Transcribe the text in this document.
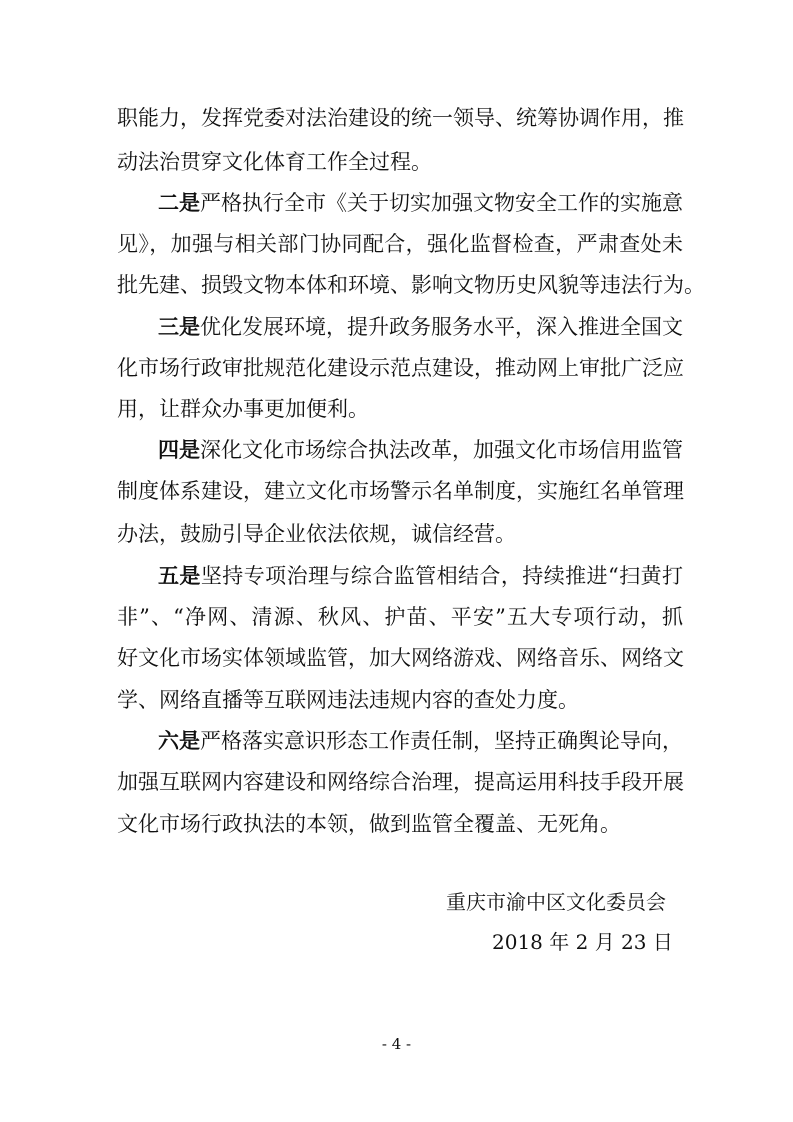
职能力，发挥党委对法治建设的统一领导、统筹协调作用，推
动法治贯穿文化体育工作全过程。
二是严格执行全市《关于切实加强文物安全工作的实施意
见》，加强与相关部门协同配合，强化监督检查，严肃查处未
批先建、损毁文物本体和环境、影响文物历史风貌等违法行为。
三是优化发展环境，提升政务服务水平，深入推进全国文
化市场行政审批规范化建设示范点建设，推动网上审批广泛应
用，让群众办事更加便利。
四是深化文化市场综合执法改革，加强文化市场信用监管
制度体系建设，建立文化市场警示名单制度，实施红名单管理
办法，鼓励引导企业依法依规，诚信经营。
五是坚持专项治理与综合监管相结合，持续推进“扫黄打
非”、“净网、清源、秋风、护苗、平安”五大专项行动，抓
好文化市场实体领域监管，加大网络游戏、网络音乐、网络文
学、网络直播等互联网违法违规内容的查处力度。
六是严格落实意识形态工作责任制，坚持正确舆论导向，
加强互联网内容建设和网络综合治理，提高运用科技手段开展
文化市场行政执法的本领，做到监管全覆盖、无死角。
重庆市渝中区文化委员会
2018 年 2 月 23 日
- 4 -
